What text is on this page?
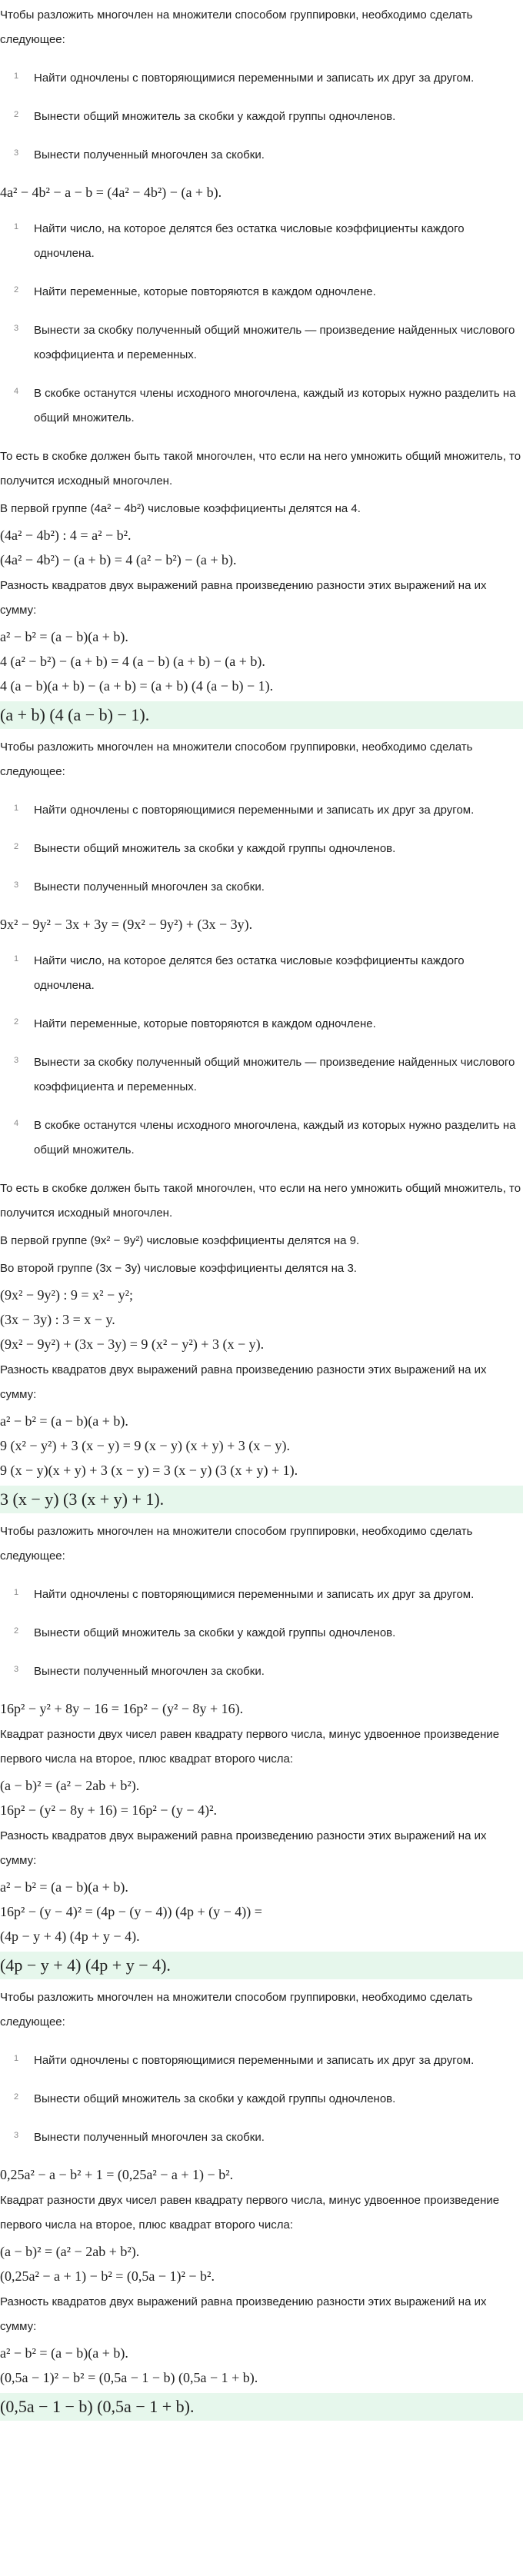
Чтобы разложить многочлен на множители способом группировки, необходимо сделать следующее:
1	Найти одночлены с повторяющимися переменными и записать их друг за другом.
2	Вынести общий множитель за скобки у каждой группы одночленов.
3	Вынести полученный многочлен за скобки.
4a² − 4b² − a − b = (4a² − 4b²) − (a + b).
1	Найти число, на которое делятся без остатка числовые коэффициенты каждого одночлена.
2	Найти переменные, которые повторяются в каждом одночлене.
3	Вынести за скобку полученный общий множитель — произведение найденных числового коэффициента и переменных.
4	В скобке останутся члены исходного многочлена, каждый из которых нужно разделить на общий множитель.
То есть в скобке должен быть такой многочлен, что если на него умножить общий множитель, то получится исходный многочлен.
В первой группе (4a² − 4b²) числовые коэффициенты делятся на 4.
(4a² − 4b²) : 4 = a² − b².
(4a² − 4b²) − (a + b) = 4 (a² − b²) − (a + b).
Разность квадратов двух выражений равна произведению разности этих выражений на их сумму:
a² − b² = (a − b)(a + b).
4 (a² − b²) − (a + b) = 4 (a − b) (a + b) − (a + b).
4 (a − b)(a + b) − (a + b) = (a + b) (4 (a − b) − 1).
(a + b) (4 (a − b) − 1).
Чтобы разложить многочлен на множители способом группировки, необходимо сделать следующее:
1	Найти одночлены с повторяющимися переменными и записать их друг за другом.
2	Вынести общий множитель за скобки у каждой группы одночленов.
3	Вынести полученный многочлен за скобки.
9x² − 9y² − 3x + 3y = (9x² − 9y²) + (3x − 3y).
1	Найти число, на которое делятся без остатка числовые коэффициенты каждого одночлена.
2	Найти переменные, которые повторяются в каждом одночлене.
3	Вынести за скобку полученный общий множитель — произведение найденных числового коэффициента и переменных.
4	В скобке останутся члены исходного многочлена, каждый из которых нужно разделить на общий множитель.
То есть в скобке должен быть такой многочлен, что если на него умножить общий множитель, то получится исходный многочлен.
В первой группе (9x² − 9y²) числовые коэффициенты делятся на 9.
Во второй группе (3x − 3y) числовые коэффициенты делятся на 3.
(9x² − 9y²) : 9 = x² − y²;
(3x − 3y) : 3 = x − y.
(9x² − 9y²) + (3x − 3y) = 9 (x² − y²) + 3 (x − y).
Разность квадратов двух выражений равна произведению разности этих выражений на их сумму:
a² − b² = (a − b)(a + b).
9 (x² − y²) + 3 (x − y) = 9 (x − y) (x + y) + 3 (x − y).
9 (x − y)(x + y) + 3 (x − y) = 3 (x − y) (3 (x + y) + 1).
3 (x − y) (3 (x + y) + 1).
Чтобы разложить многочлен на множители способом группировки, необходимо сделать следующее:
1	Найти одночлены с повторяющимися переменными и записать их друг за другом.
2	Вынести общий множитель за скобки у каждой группы одночленов.
3	Вынести полученный многочлен за скобки.
16p² − y² + 8y − 16 = 16p² − (y² − 8y + 16).
Квадрат разности двух чисел равен квадрату первого числа, минус удвоенное произведение первого числа на второе, плюс квадрат второго числа:
(a − b)² = (a² − 2ab + b²).
16p² − (y² − 8y + 16) = 16p² − (y − 4)².
Разность квадратов двух выражений равна произведению разности этих выражений на их сумму:
a² − b² = (a − b)(a + b).
16p² − (y − 4)² = (4p − (y − 4)) (4p + (y − 4)) =
(4p − y + 4) (4p + y − 4).
(4p − y + 4) (4p + y − 4).
Чтобы разложить многочлен на множители способом группировки, необходимо сделать следующее:
1	Найти одночлены с повторяющимися переменными и записать их друг за другом.
2	Вынести общий множитель за скобки у каждой группы одночленов.
3	Вынести полученный многочлен за скобки.
0,25a² − a − b² + 1 = (0,25a² − a + 1) − b².
Квадрат разности двух чисел равен квадрату первого числа, минус удвоенное произведение первого числа на второе, плюс квадрат второго числа:
(a − b)² = (a² − 2ab + b²).
(0,25a² − a + 1) − b² = (0,5a − 1)² − b².
Разность квадратов двух выражений равна произведению разности этих выражений на их сумму:
a² − b² = (a − b)(a + b).
(0,5a − 1)² − b² = (0,5a − 1 − b) (0,5a − 1 + b).
(0,5a − 1 − b) (0,5a − 1 + b).
